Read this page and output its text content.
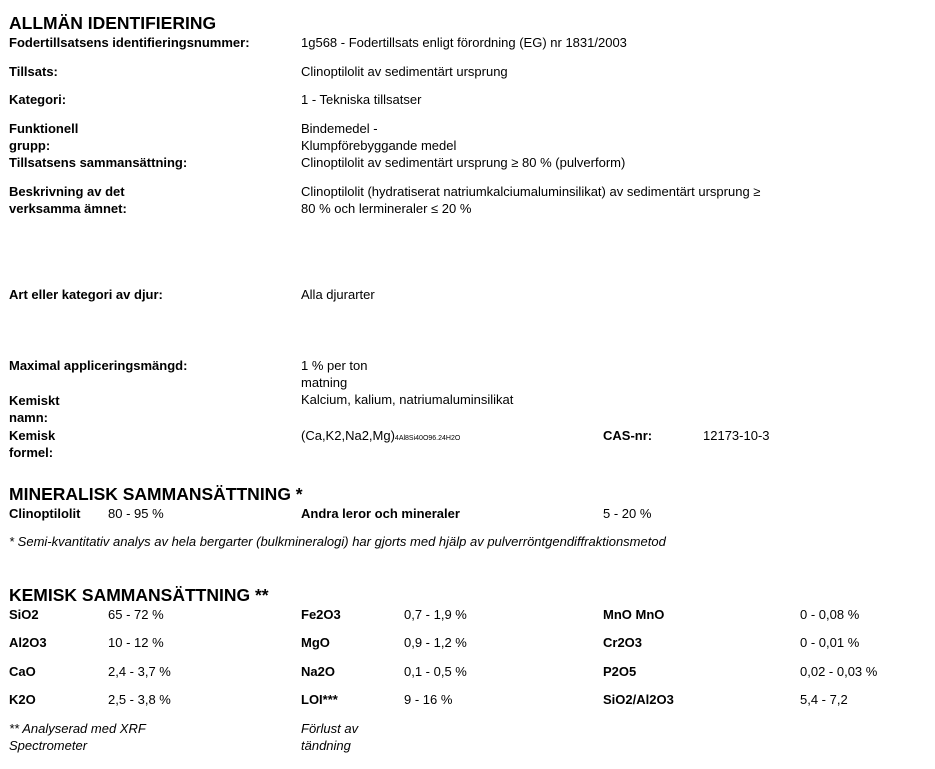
ALLMÄN IDENTIFIERING
Fodertillsatsens identifieringsnummer:	1g568 - Fodertillsats enligt förordning (EG) nr 1831/2003
Tillsats:	Clinoptilolit av sedimentärt ursprung
Kategori:	1 - Tekniska tillsatser
Funktionell
grupp:
Bindemedel -
Klumpförebyggande medel
Tillsatsens sammansättning:	Clinoptilolit av sedimentärt ursprung ≥ 80 % (pulverform)
Beskrivning av det
verksamma ämnet:
Clinoptilolit (hydratiserat natriumkalciumaluminsilikat) av sedimentärt ursprung ≥
80 % och lermineraler ≤ 20 %
Art eller kategori av djur:	Alla djurarter
Maximal appliceringsmängd:	1 % per ton
matning
Kemiskt
namn:
Kalcium, kalium, natriumaluminsilikat
Kemisk
formel:
(Ca,K2,Na2,Mg)4Al8Si40O96.24H2O	CAS-nr:	12173-10-3
MINERALISK SAMMANSÄTTNING *
Clinoptilolit 80 - 95 %	Andra leror och mineraler	5 - 20 %
* Semi-kvantitativ analys av hela bergarter (bulkmineralogi) har gjorts med hjälp av pulverröntgendiffraktionsmetod
KEMISK SAMMANSÄTTNING **
SiO2	65 - 72 %	Fe2O3	0,7 - 1,9 %	MnO MnO	0 - 0,08 %
Al2O3	10 - 12 %	MgO	0,9 - 1,2 %	Cr2O3	0 - 0,01 %
CaO	2,4 - 3,7 %	Na2O	0,1 - 0,5 %	P2O5	0,02 - 0,03 %
K2O	2,5 - 3,8 %	LOI***	9 - 16 %	SiO2/Al2O3	5,4 - 7,2
** Analyserad med XRF
Spectrometer
Förlust av
tändning
